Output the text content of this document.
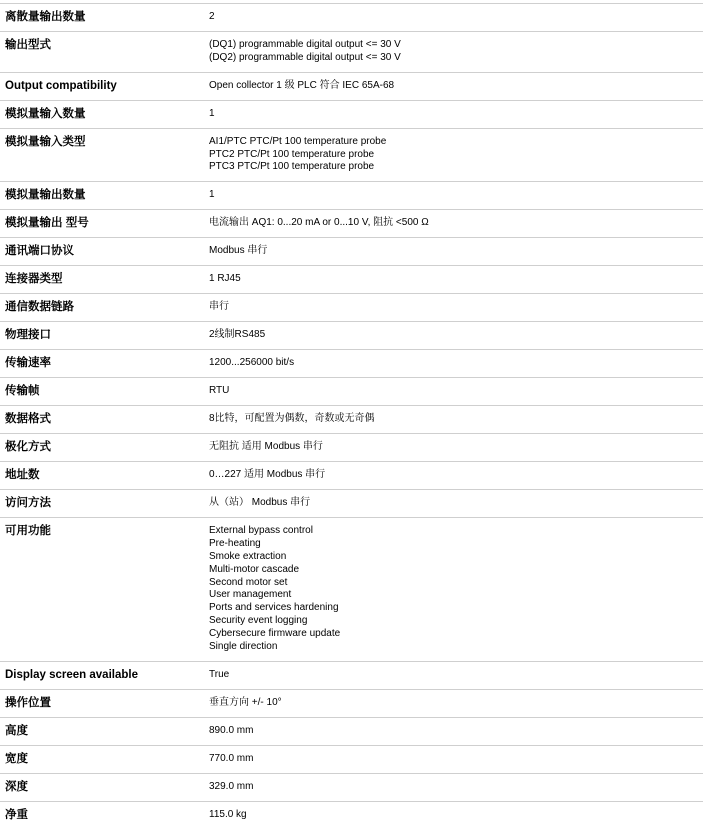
离散量输出数量	2
输出型式	(DQ1) programmable digital output <= 30 V
(DQ2) programmable digital output <= 30 V
Output compatibility	Open collector 1 级 PLC 符合 IEC 65A-68
模拟量输入数量	1
模拟量输入类型	AI1/PTC PTC/Pt 100 temperature probe
PTC2 PTC/Pt 100 temperature probe
PTC3 PTC/Pt 100 temperature probe
模拟量输出数量	1
模拟量输出 型号	电流输出 AQ1: 0...20 mA or 0...10 V, 阻抗 <500 Ω
通讯端口协议	Modbus 串行
连接器类型	1 RJ45
通信数据链路	串行
物理接口	2线制RS485
传输速率	1200...256000 bit/s
传输帧	RTU
数据格式	8比特，可配置为偶数，奇数或无奇偶
极化方式	无阻抗 适用 Modbus 串行
地址数	0…227 适用 Modbus 串行
访问方法	从（站） Modbus 串行
可用功能	External bypass control
Pre-heating
Smoke extraction
Multi-motor cascade
Second motor set
User management
Ports and services hardening
Security event logging
Cybersecure firmware update
Single direction
Display screen available	True
操作位置	垂直方向 +/- 10°
高度	890.0 mm
宽度	770.0 mm
深度	329.0 mm
净重	115.0 kg
